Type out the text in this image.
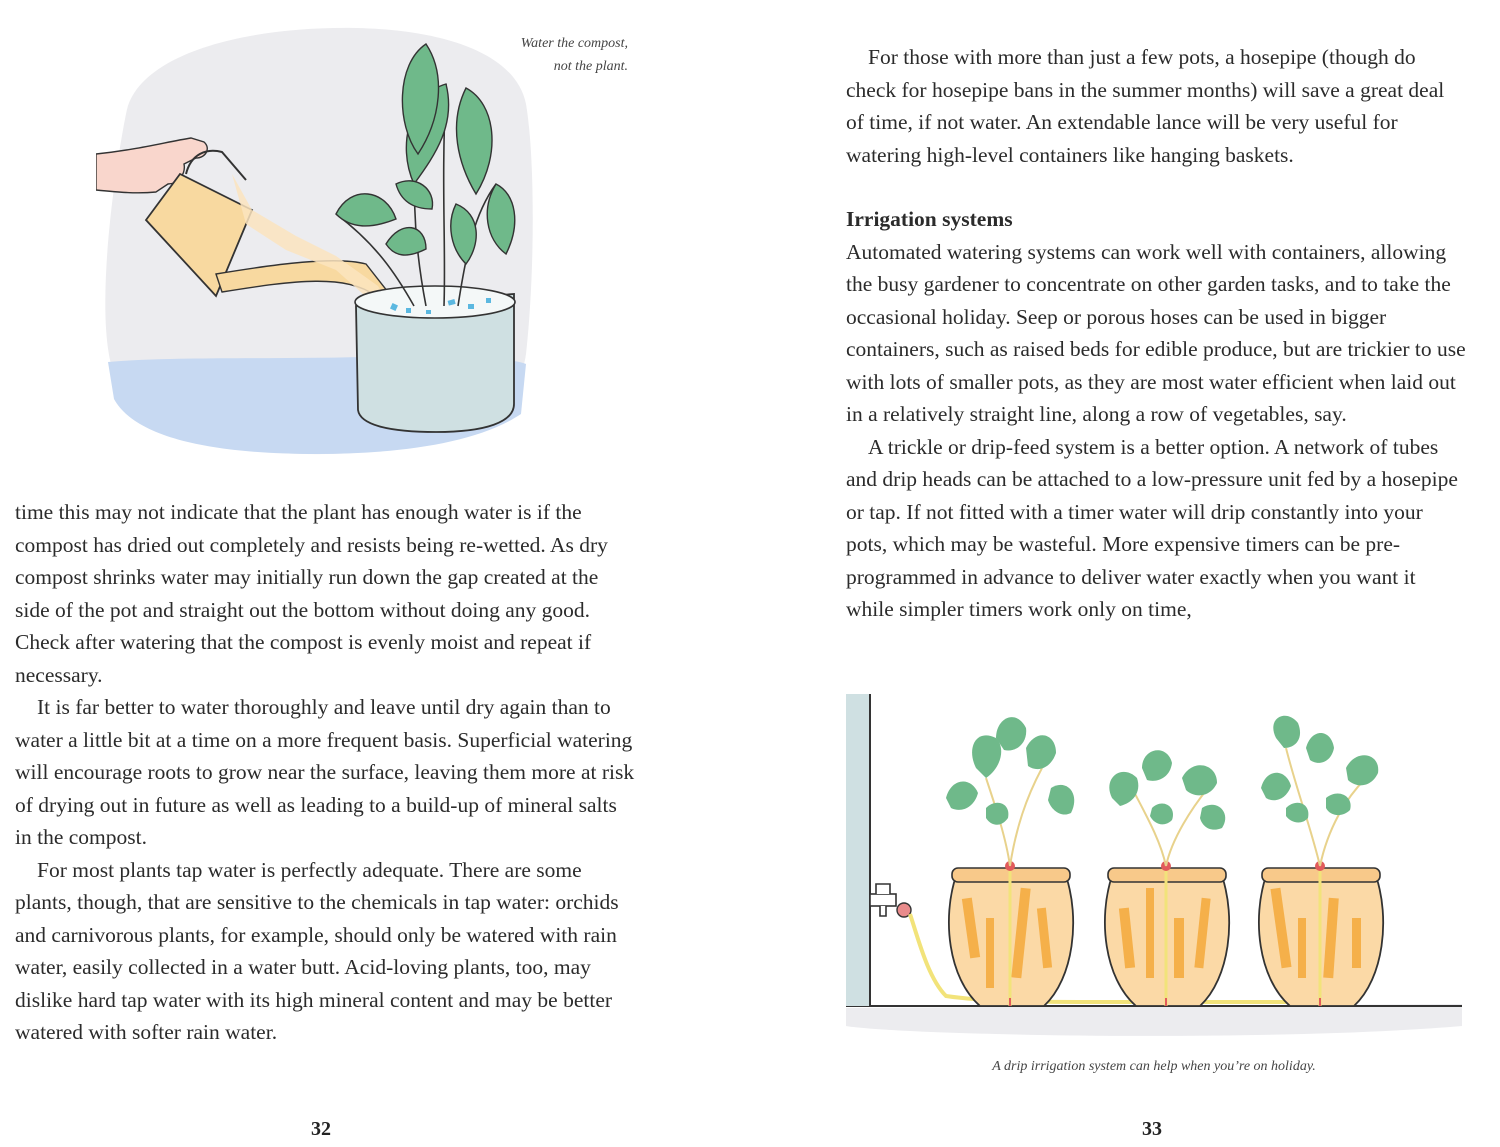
Water the compost,
not the plant.

time this may not indicate that the plant has enough water is if the compost has dried out completely and resists being re-wetted. As dry compost shrinks water may initially run down the gap created at the side of the pot and straight out the bottom without doing any good. Check after watering that the compost is evenly moist and repeat if necessary.

It is far better to water thoroughly and leave until dry again than to water a little bit at a time on a more frequent basis. Superficial watering will encourage roots to grow near the surface, leaving them more at risk of drying out in future as well as leading to a build-up of mineral salts in the compost.

For most plants tap water is perfectly adequate. There are some plants, though, that are sensitive to the chemicals in tap water: orchids and carnivorous plants, for example, should only be watered with rain water, easily collected in a water butt. Acid-loving plants, too, may dislike hard tap water with its high mineral content and may be better watered with softer rain water.

32

For those with more than just a few pots, a hosepipe (though do check for hosepipe bans in the summer months) will save a great deal of time, if not water. An extendable lance will be very useful for watering high-level containers like hanging baskets.

Irrigation systems

Automated watering systems can work well with containers, allowing the busy gardener to concentrate on other garden tasks, and to take the occasional holiday. Seep or porous hoses can be used in bigger containers, such as raised beds for edible produce, but are trickier to use with lots of smaller pots, as they are most water efficient when laid out in a relatively straight line, along a row of vegetables, say.

A trickle or drip-feed system is a better option. A network of tubes and drip heads can be attached to a low-pressure unit fed by a hosepipe or tap. If not fitted with a timer water will drip constantly into your pots, which may be wasteful. More expensive timers can be pre-programmed in advance to deliver water exactly when you want it while simpler timers work only on time,

A drip irrigation system can help when you’re on holiday.
33
